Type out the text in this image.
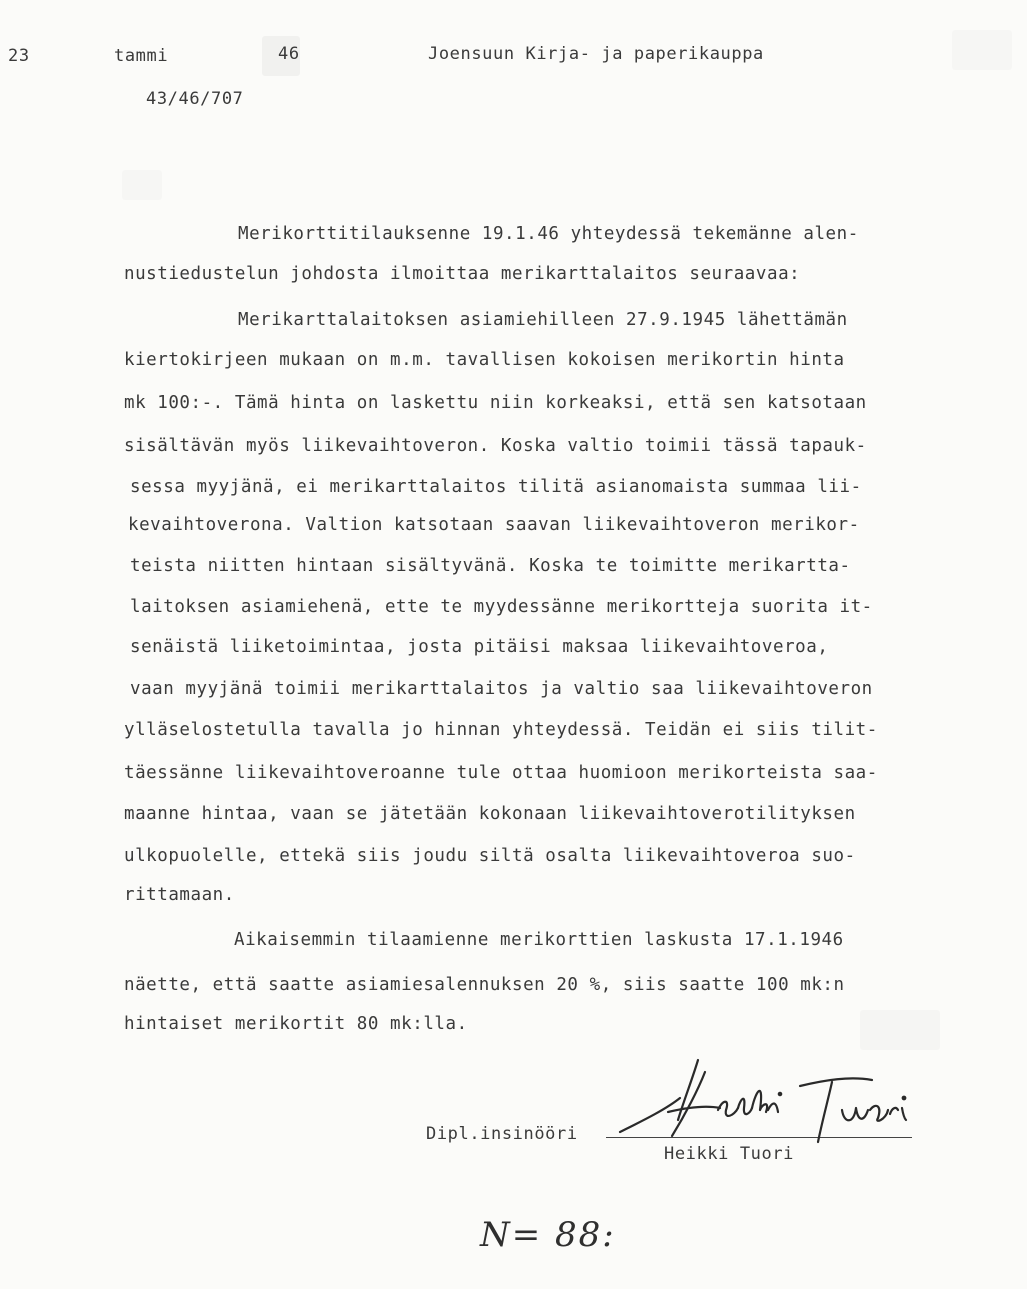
23	tammi	46	Joensuun Kirja- ja paperikauppa
43/46/707
Merikorttitilauksenne 19.1.46 yhteydessä tekemänne alen-
nustiedustelun johdosta ilmoittaa merikarttalaitos seuraavaa:
Merikarttalaitoksen asiamiehilleen 27.9.1945 lähettämän
kiertokirjeen mukaan on m.m. tavallisen kokoisen merikortin hinta
mk 100:-. Tämä hinta on laskettu niin korkeaksi, että sen katsotaan
sisältävän myös liikevaihtoveron. Koska valtio toimii tässä tapauk-
sessa myyjänä, ei merikarttalaitos tilitä asianomaista summaa lii-
kevaihtoverona. Valtion katsotaan saavan liikevaihtoveron merikor-
teista niitten hintaan sisältyvänä. Koska te toimitte merikartta-
laitoksen asiamiehenä, ette te myydessänne merikortteja suorita it-
senäistä liiketoimintaa, josta pitäisi maksaa liikevaihtoveroa,
vaan myyjänä toimii merikarttalaitos ja valtio saa liikevaihtoveron
ylläselostetulla tavalla jo hinnan yhteydessä. Teidän ei siis tilit-
täessänne liikevaihtoveroanne tule ottaa huomioon merikorteista saa-
maanne hintaa, vaan se jätetään kokonaan liikevaihtoverotilityksen
ulkopuolelle, ettekä siis joudu siltä osalta liikevaihtoveroa suo-
rittamaan.
Aikaisemmin tilaamienne merikorttien laskusta 17.1.1946
näette, että saatte asiamiesalennuksen 20 %, siis saatte 100 mk:n
hintaiset merikortit 80 mk:lla.
Dipl.insinööri
Heikki Tuori
N= 88:
